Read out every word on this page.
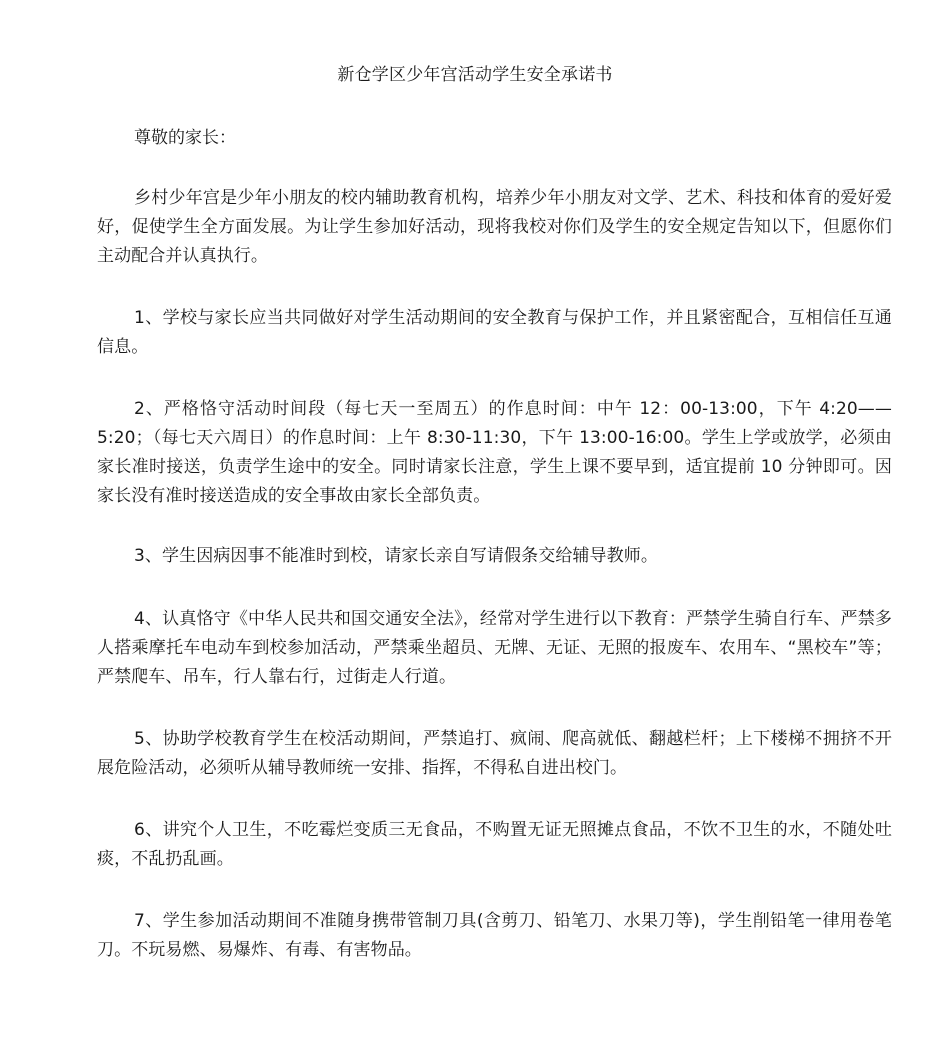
新仓学区少年宫活动学生安全承诺书
尊敬的家长：

乡村少年宫是少年小朋友的校内辅助教育机构，培养少年小朋友对文学、艺术、科技和体育的爱好爱好，促使学生全方面发展。为让学生参加好活动，现将我校对你们及学生的安全规定告知以下，但愿你们主动配合并认真执行。

1、学校与家长应当共同做好对学生活动期间的安全教育与保护工作，并且紧密配合，互相信任互通信息。

2、严格恪守活动时间段（每七天一至周五）的作息时间：中午 12：00-13:00，下午 4:20——5:20；（每七天六周日）的作息时间：上午 8:30-11:30，下午 13:00-16:00。学生上学或放学，必须由家长准时接送，负责学生途中的安全。同时请家长注意，学生上课不要早到，适宜提前 10 分钟即可。因家长没有准时接送造成的安全事故由家长全部负责。

3、学生因病因事不能准时到校，请家长亲自写请假条交给辅导教师。

4、认真恪守《中华人民共和国交通安全法》，经常对学生进行以下教育：严禁学生骑自行车、严禁多人搭乘摩托车电动车到校参加活动，严禁乘坐超员、无牌、无证、无照的报废车、农用车、“黑校车”等；严禁爬车、吊车，行人靠右行，过街走人行道。

5、协助学校教育学生在校活动期间，严禁追打、疯闹、爬高就低、翻越栏杆；上下楼梯不拥挤不开展危险活动，必须听从辅导教师统一安排、指挥，不得私自进出校门。

6、讲究个人卫生，不吃霉烂变质三无食品，不购置无证无照摊点食品，不饮不卫生的水，不随处吐痰，不乱扔乱画。

7、学生参加活动期间不准随身携带管制刀具(含剪刀、铅笔刀、水果刀等)，学生削铅笔一律用卷笔刀。不玩易燃、易爆炸、有毒、有害物品。
